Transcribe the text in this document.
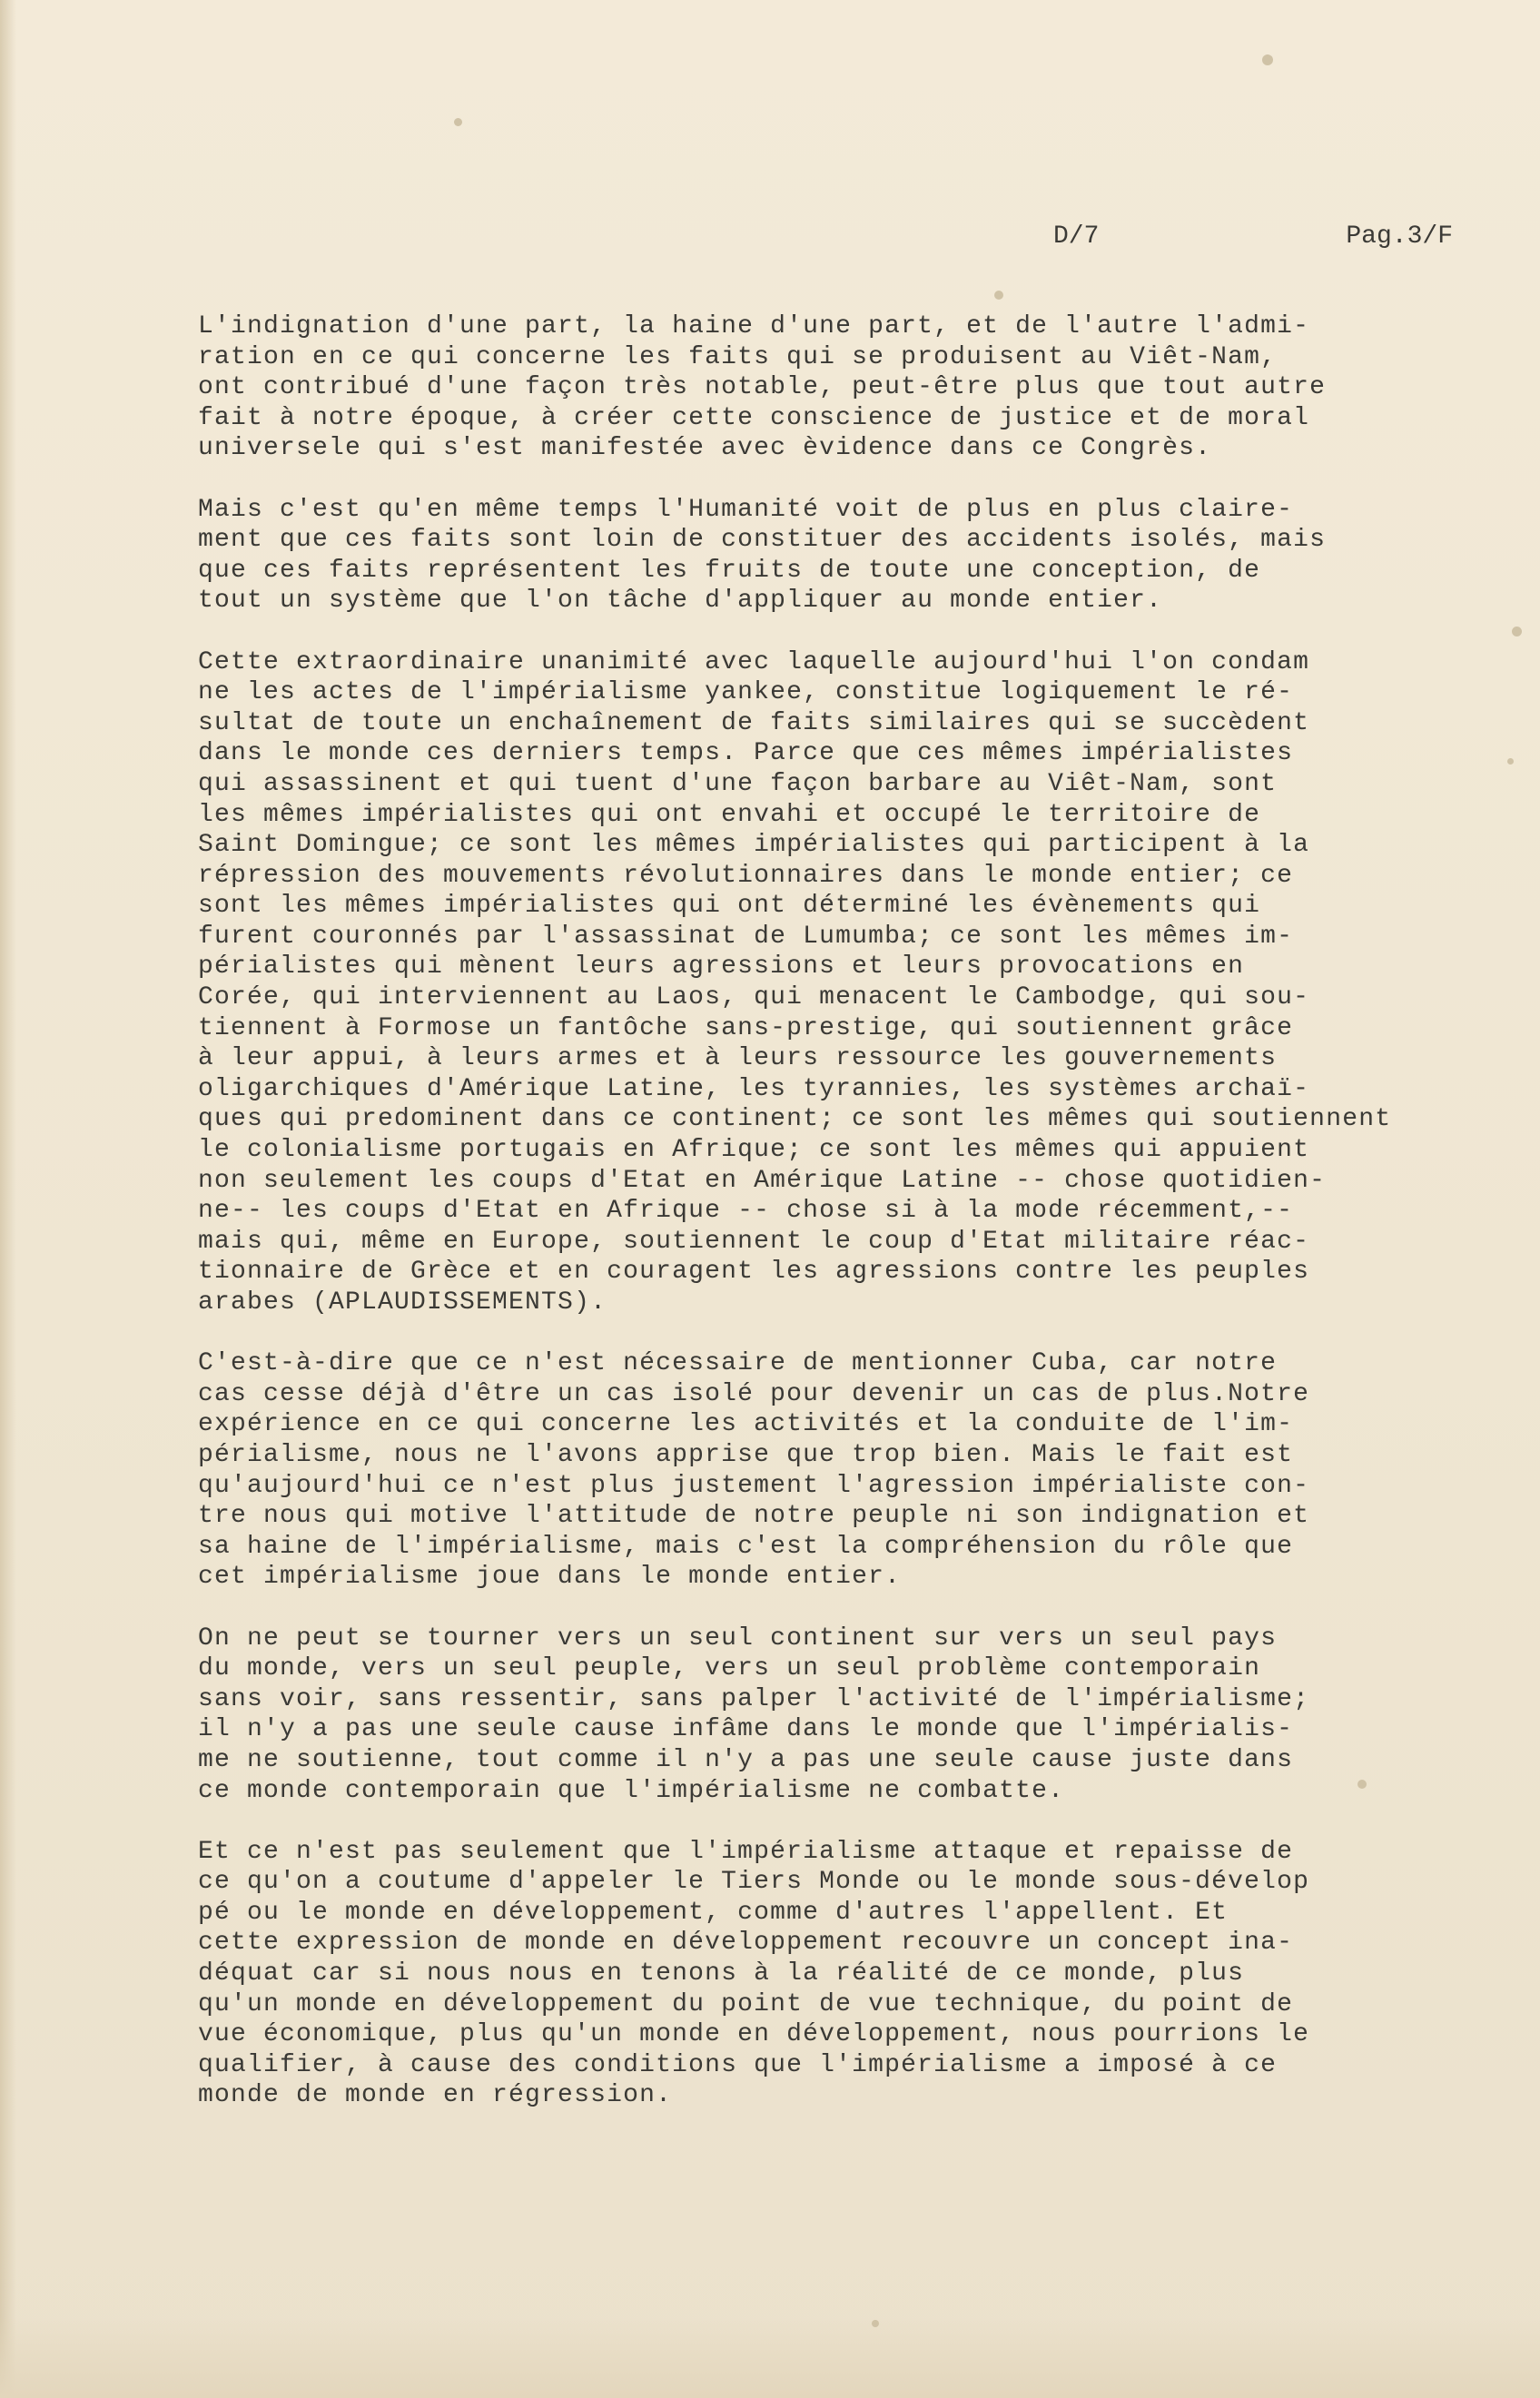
D/7	Pag.3/F
L'indignation d'une part, la haine d'une part, et de l'autre l'admi-
ration en ce qui concerne les faits qui se produisent au Viêt-Nam,
ont contribué d'une façon très notable, peut-être plus que tout autre
fait à notre époque, à créer cette conscience de justice et de moral
universele qui s'est manifestée avec èvidence dans ce Congrès.
Mais c'est qu'en même temps l'Humanité voit de plus en plus claire-
ment que ces faits sont loin de constituer des accidents isolés, mais
que ces faits représentent les fruits de toute une conception, de
tout un système que l'on tâche d'appliquer au monde entier.
Cette extraordinaire unanimité avec laquelle aujourd'hui l'on condam
ne les actes de l'impérialisme yankee, constitue logiquement le ré-
sultat de toute un enchaînement de faits similaires qui se succèdent
dans le monde ces derniers temps. Parce que ces mêmes impérialistes
qui assassinent et qui tuent d'une façon barbare au Viêt-Nam, sont
les mêmes impérialistes qui ont envahi et occupé le territoire de
Saint Domingue; ce sont les mêmes impérialistes qui participent à la
répression des mouvements révolutionnaires dans le monde entier; ce
sont les mêmes impérialistes qui ont déterminé les évènements qui
furent couronnés par l'assassinat de Lumumba; ce sont les mêmes im-
périalistes qui mènent leurs agressions et leurs provocations en
Corée, qui interviennent au Laos, qui menacent le Cambodge, qui sou-
tiennent à Formose un fantôche sans-prestige, qui soutiennent grâce
à leur appui, à leurs armes et à leurs ressource les gouvernements
oligarchiques d'Amérique Latine, les tyrannies, les systèmes archaï-
ques qui predominent dans ce continent; ce sont les mêmes qui soutiennent
le colonialisme portugais en Afrique; ce sont les mêmes qui appuient
non seulement les coups d'Etat en Amérique Latine -- chose quotidien-
ne-- les coups d'Etat en Afrique -- chose si à la mode récemment,--
mais qui, même en Europe, soutiennent le coup d'Etat militaire réac-
tionnaire de Grèce et en couragent les agressions contre les peuples
arabes (APLAUDISSEMENTS).
C'est-à-dire que ce n'est nécessaire de mentionner Cuba, car notre
cas cesse déjà d'être un cas isolé pour devenir un cas de plus.Notre
expérience en ce qui concerne les activités et la conduite de l'im-
périalisme, nous ne l'avons apprise que trop bien. Mais le fait est
qu'aujourd'hui ce n'est plus justement l'agression impérialiste con-
tre nous qui motive l'attitude de notre peuple ni son indignation et
sa haine de l'impérialisme, mais c'est la compréhension du rôle que
cet impérialisme joue dans le monde entier.
On ne peut se tourner vers un seul continent sur vers un seul pays
du monde, vers un seul peuple, vers un seul problème contemporain
sans voir, sans ressentir, sans palper l'activité de l'impérialisme;
il n'y a pas une seule cause infâme dans le monde que l'impérialis-
me ne soutienne, tout comme il n'y a pas une seule cause juste dans
ce monde contemporain que l'impérialisme ne combatte.
Et ce n'est pas seulement que l'impérialisme attaque et repaisse de
ce qu'on a coutume d'appeler le Tiers Monde ou le monde sous-dévelop
pé ou le monde en développement, comme d'autres l'appellent. Et
cette expression de monde en développement recouvre un concept ina-
déquat car si nous nous en tenons à la réalité de ce monde, plus
qu'un monde en développement du point de vue technique, du point de
vue économique, plus qu'un monde en développement, nous pourrions le
qualifier, à cause des conditions que l'impérialisme a imposé à ce
monde de monde en régression.
